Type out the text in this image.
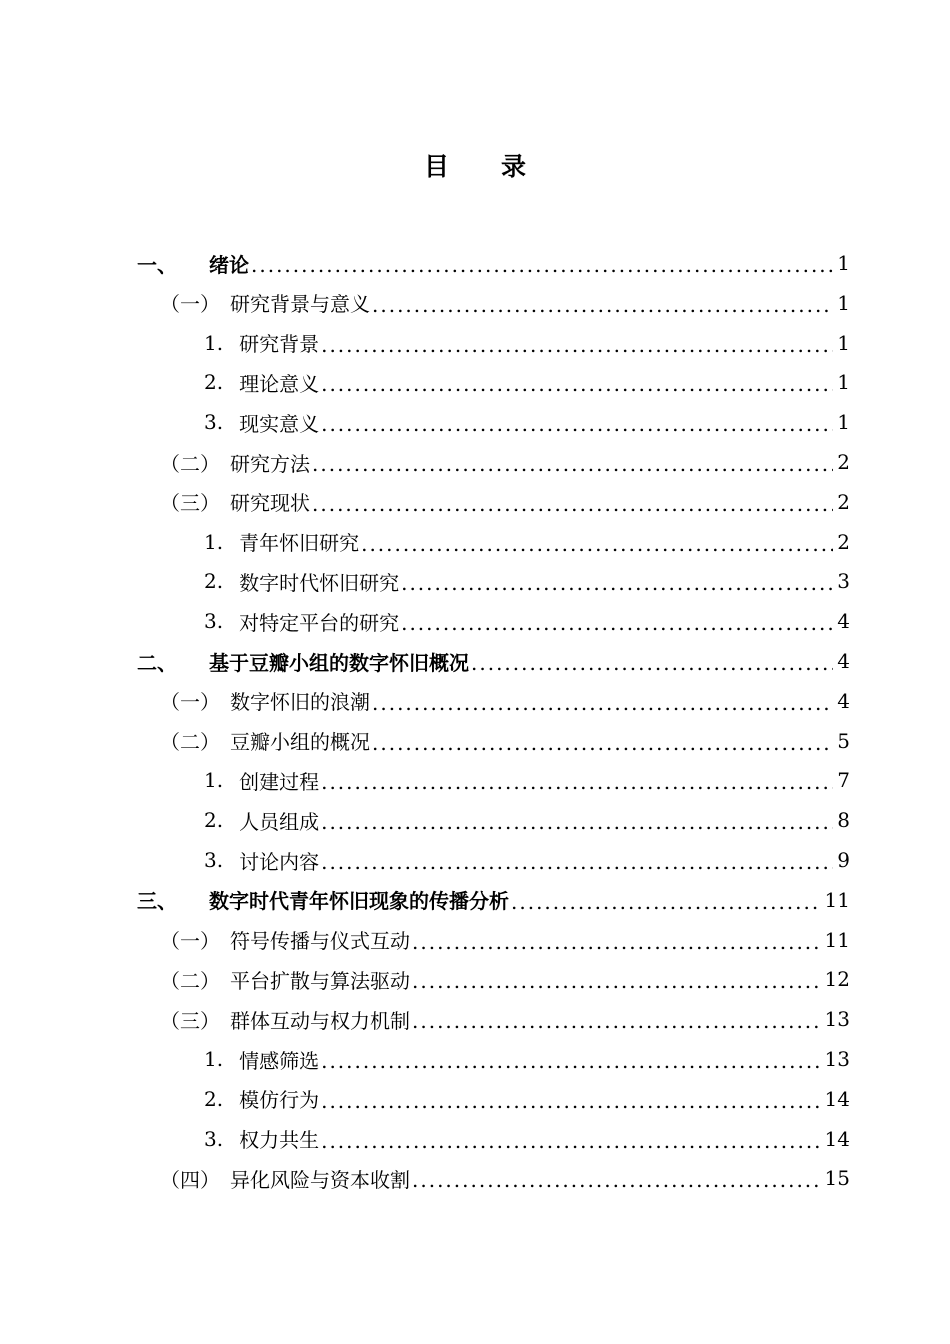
目 录
一、 绪论 .....	1
（一） 研究背景与意义 .....	1
1. 研究背景 .....	1
2. 理论意义 .....	1
3. 现实意义 .....	1
（二） 研究方法 .....	2
（三） 研究现状 .....	2
1. 青年怀旧研究 .....	2
2. 数字时代怀旧研究 .....	3
3. 对特定平台的研究 .....	4
二、 基于豆瓣小组的数字怀旧概况 .....	4
（一） 数字怀旧的浪潮 .....	4
（二） 豆瓣小组的概况 .....	5
1. 创建过程 .....	7
2. 人员组成 .....	8
3. 讨论内容 .....	9
三、 数字时代青年怀旧现象的传播分析 .....	11
（一） 符号传播与仪式互动 .....	11
（二） 平台扩散与算法驱动 .....	12
（三） 群体互动与权力机制 .....	13
1. 情感筛选 .....	13
2. 模仿行为 .....	14
3. 权力共生 .....	14
（四） 异化风险与资本收割 .....	15
